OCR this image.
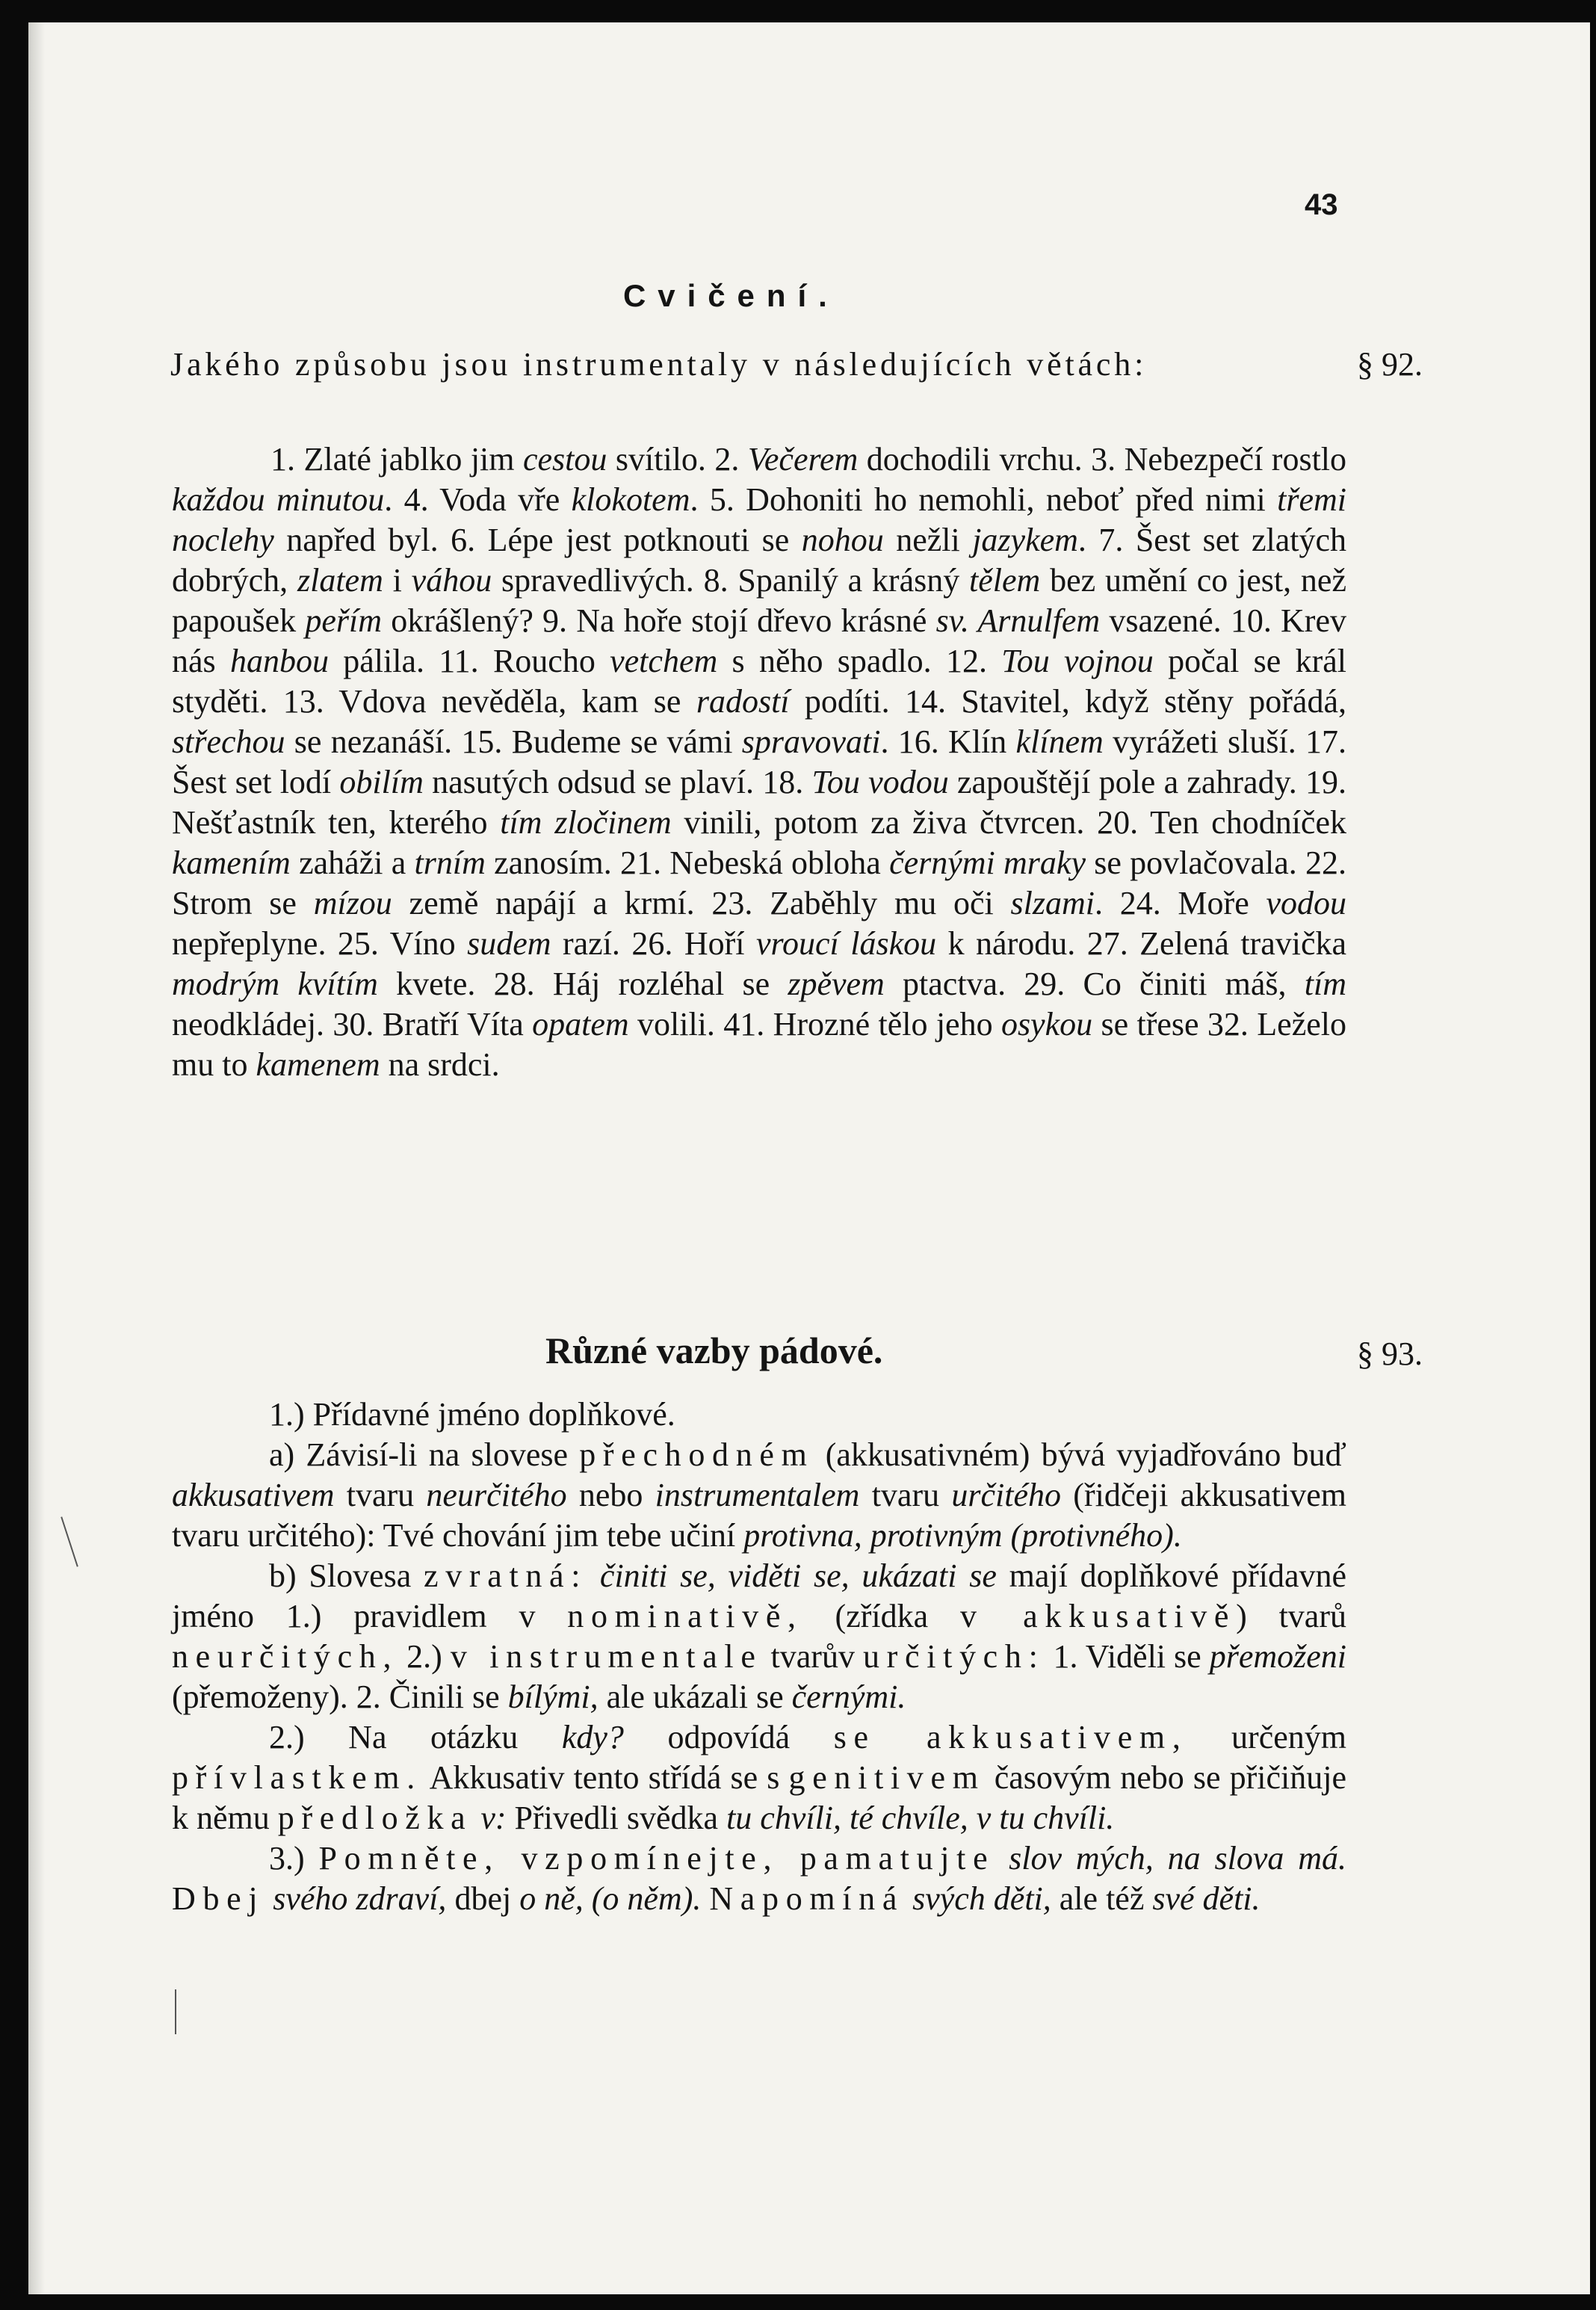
43
Cvičení.
Jakého způsobu jsou instrumentaly v následujících větách:	§ 92.

1. Zlaté jablko jim cestou svítilo. 2. Večerem dochodili vrchu. 3. Nebezpečí rostlo každou minutou. 4. Voda vře klokotem. 5. Dohoniti ho nemohli, neboť před nimi třemi noclehy napřed byl. 6. Lépe jest potknouti se nohou nežli jazykem. 7. Šest set zlatých dobrých, zlatem i váhou spravedlivých. 8. Spanilý a krásný tělem bez umění co jest, než papoušek peřím okrášlený? 9. Na hoře stojí dřevo krásné sv. Arnulfem vsazené. 10. Krev nás hanbou pálila. 11. Roucho vetchem s něho spadlo. 12. Tou vojnou počal se král styděti. 13. Vdova nevěděla, kam se radostí podíti. 14. Stavitel, když stěny pořádá, střechou se nezanáší. 15. Budeme se vámi spravovati. 16. Klín klínem vyrážeti sluší. 17. Šest set lodí obilím nasutých odsud se plaví. 18. Tou vodou zapouštějí pole a zahrady. 19. Nešťastník ten, kterého tím zločinem vinili, potom za živa čtvrcen. 20. Ten chodníček kamením zaháži a trním zanosím. 21. Nebeská obloha černými mraky se povlačovala. 22. Strom se mízou země napájí a krmí. 23. Zaběhly mu oči slzami. 24. Moře vodou nepřeplyne. 25. Víno sudem razí. 26. Hoří vroucí láskou k národu. 27. Zelená travička modrým kvítím kvete. 28. Háj rozléhal se zpěvem ptactva. 29. Co činiti máš, tím neodkládej. 30. Bratří Víta opatem volili. 41. Hrozné tělo jeho osykou se třese 32. Leželo mu to kamenem na srdci.

Různé vazby pádové.	§ 93.

1.) Přídavné jméno doplňkové.

a) Závisí-li na slovese přechodném (akkusativném) bývá vyjadřováno buď akkusativem tvaru neurčitého nebo instrumentalem tvaru určitého (řidčeji akkusativem tvaru určitého): Tvé chování jim tebe učiní protivna, protivným (protivného).

b) Slovesa zvratná: činiti se, viděti se, ukázati se mají doplňkové přídavné jméno 1.) pravidlem v nominativě, (zřídka v akkusativě) tvarů neurčitých, 2.) v instrumentale tvarův určitých: 1. Viděli se přemoženi (přemoženy). 2. Činili se bílými, ale ukázali se černými.

2.) Na otázku kdy? odpovídá se akkusativem, určeným přívlastkem. Akkusativ tento střídá se s genitivem časovým nebo se přičiňuje k němu předložka v: Přivedli svědka tu chvíli, té chvíle, v tu chvíli.

3.) Pomněte, vzpomínejte, pamatujte slov mých, na slova má. Dbej svého zdraví, dbej o ně, (o něm). Napomíná svých děti, ale též své děti.
